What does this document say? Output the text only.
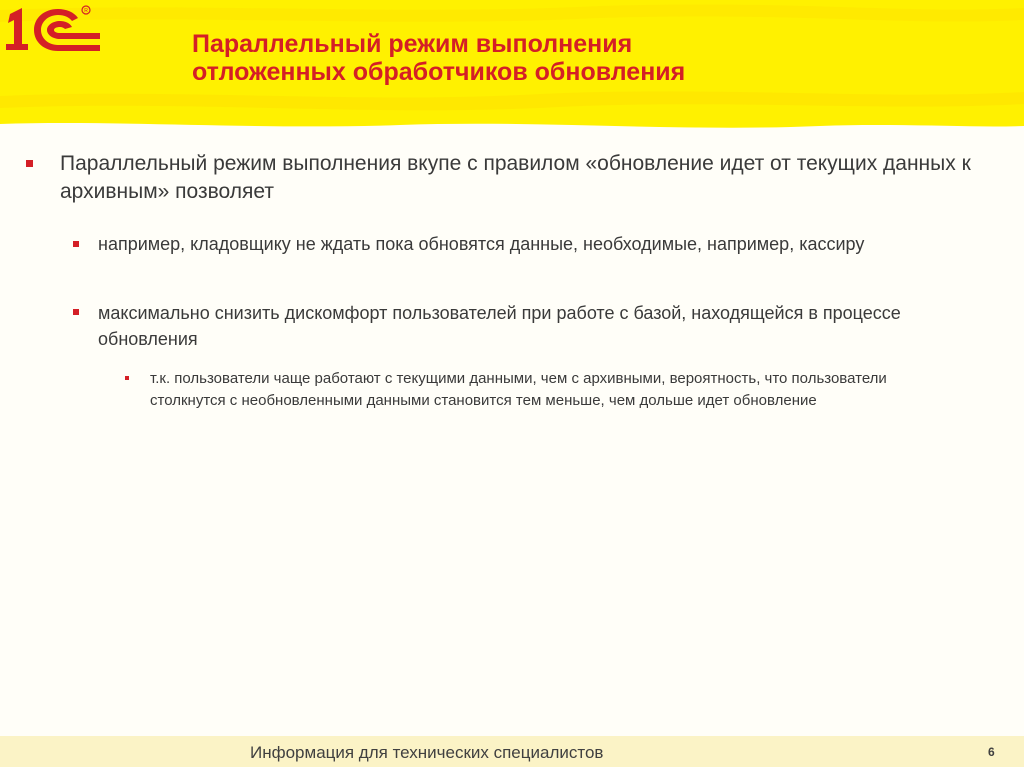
R
Параллельный режим выполнения
отложенных обработчиков обновления
Параллельный режим выполнения вкупе с правилом «обновление идет от текущих данных к архивным» позволяет
например, кладовщику не ждать пока обновятся данные, необходимые, например, кассиру
максимально снизить дискомфорт пользователей при работе с базой, находящейся в процессе обновления
т.к. пользователи чаще работают с текущими данными, чем с архивными, вероятность, что пользователи столкнутся с необновленными данными становится тем меньше, чем дольше идет обновление
Информация для технических специалистов	6
